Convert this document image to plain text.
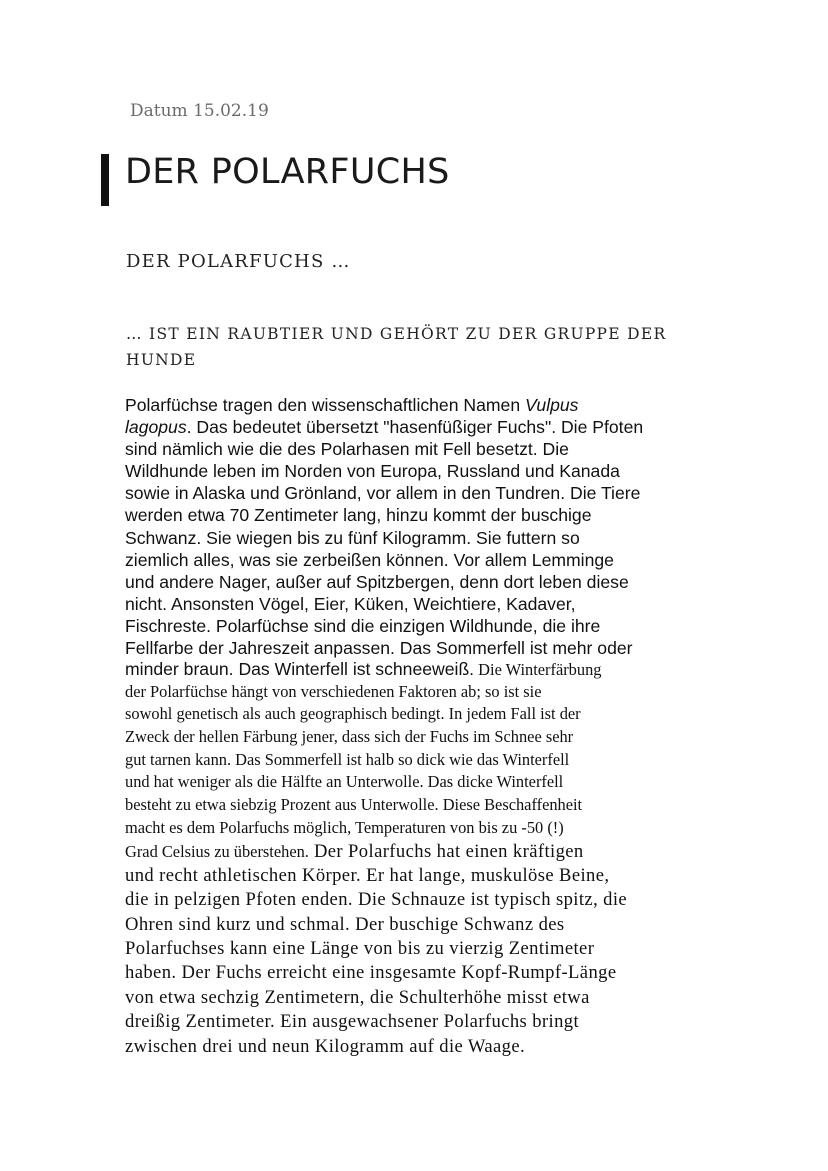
Datum 15.02.19
DER POLARFUCHS
DER POLARFUCHS …
… IST EIN RAUBTIER UND GEHÖRT ZU DER GRUPPE DER
HUNDE
Polarfüchse tragen den wissenschaftlichen Namen Vulpus
lagopus. Das bedeutet übersetzt "hasenfüßiger Fuchs". Die Pfoten
sind nämlich wie die des Polarhasen mit Fell besetzt. Die
Wildhunde leben im Norden von Europa, Russland und Kanada
sowie in Alaska und Grönland, vor allem in den Tundren. Die Tiere
werden etwa 70 Zentimeter lang, hinzu kommt der buschige
Schwanz. Sie wiegen bis zu fünf Kilogramm. Sie futtern so
ziemlich alles, was sie zerbeißen können. Vor allem Lemminge
und andere Nager, außer auf Spitzbergen, denn dort leben diese
nicht. Ansonsten Vögel, Eier, Küken, Weichtiere, Kadaver,
Fischreste. Polarfüchse sind die einzigen Wildhunde, die ihre
Fellfarbe der Jahreszeit anpassen. Das Sommerfell ist mehr oder
minder braun. Das Winterfell ist schneeweiß. Die Winterfärbung
der Polarfüchse hängt von verschiedenen Faktoren ab; so ist sie
sowohl genetisch als auch geographisch bedingt. In jedem Fall ist der
Zweck der hellen Färbung jener, dass sich der Fuchs im Schnee sehr
gut tarnen kann. Das Sommerfell ist halb so dick wie das Winterfell
und hat weniger als die Hälfte an Unterwolle. Das dicke Winterfell
besteht zu etwa siebzig Prozent aus Unterwolle. Diese Beschaffenheit
macht es dem Polarfuchs möglich, Temperaturen von bis zu -50 (!)
Grad Celsius zu überstehen. Der Polarfuchs hat einen kräftigen
und recht athletischen Körper. Er hat lange, muskulöse Beine,
die in pelzigen Pfoten enden. Die Schnauze ist typisch spitz, die
Ohren sind kurz und schmal. Der buschige Schwanz des
Polarfuchses kann eine Länge von bis zu vierzig Zentimeter
haben. Der Fuchs erreicht eine insgesamte Kopf-Rumpf-Länge
von etwa sechzig Zentimetern, die Schulterhöhe misst etwa
dreißig Zentimeter. Ein ausgewachsener Polarfuchs bringt
zwischen drei und neun Kilogramm auf die Waage.
